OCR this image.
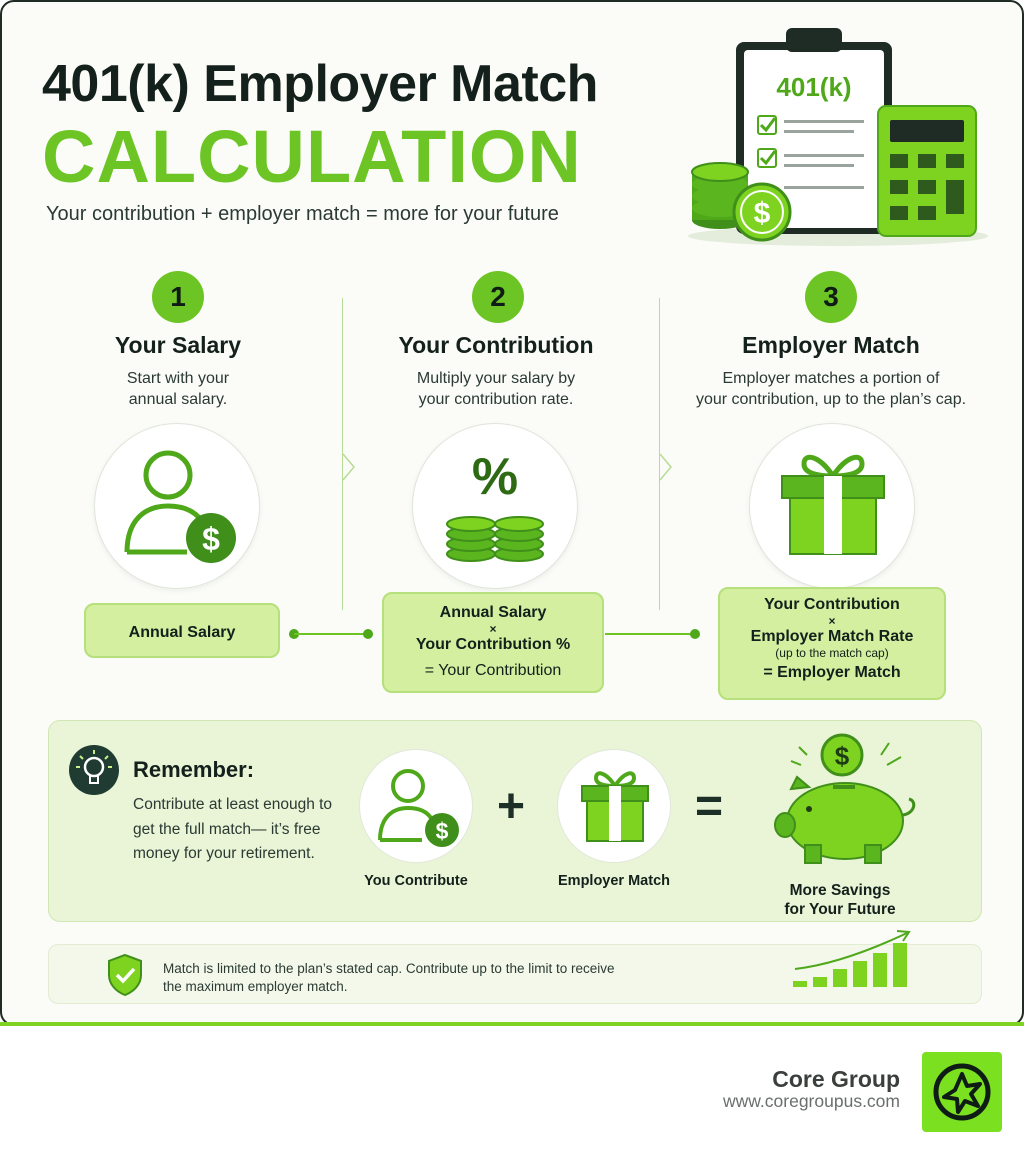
401(k) Employer Match
CALCULATION
Your contribution + employer match = more for your future	$
401(k)
1
Your Salary
Start with your
annual salary.
$
2
Your Contribution
Multiply your salary by
your contribution rate.
%
3
Employer Match
Employer matches a portion of
your contribution, up to the plan’s cap.
Annual Salary
Annual Salary
×
Your Contribution %
= Your Contribution
Your Contribution
×
Employer Match Rate
(up to the match cap)
= Employer Match
Remember:
Contribute at least enough to get the full match— it’s free money for your retirement.
$
You Contribute
+
Employer Match
=
$
More Savings
for Your Future
Match is limited to the plan’s stated cap. Contribute up to the limit to receive the maximum employer match.
Core Group
www.coregroupus.com
